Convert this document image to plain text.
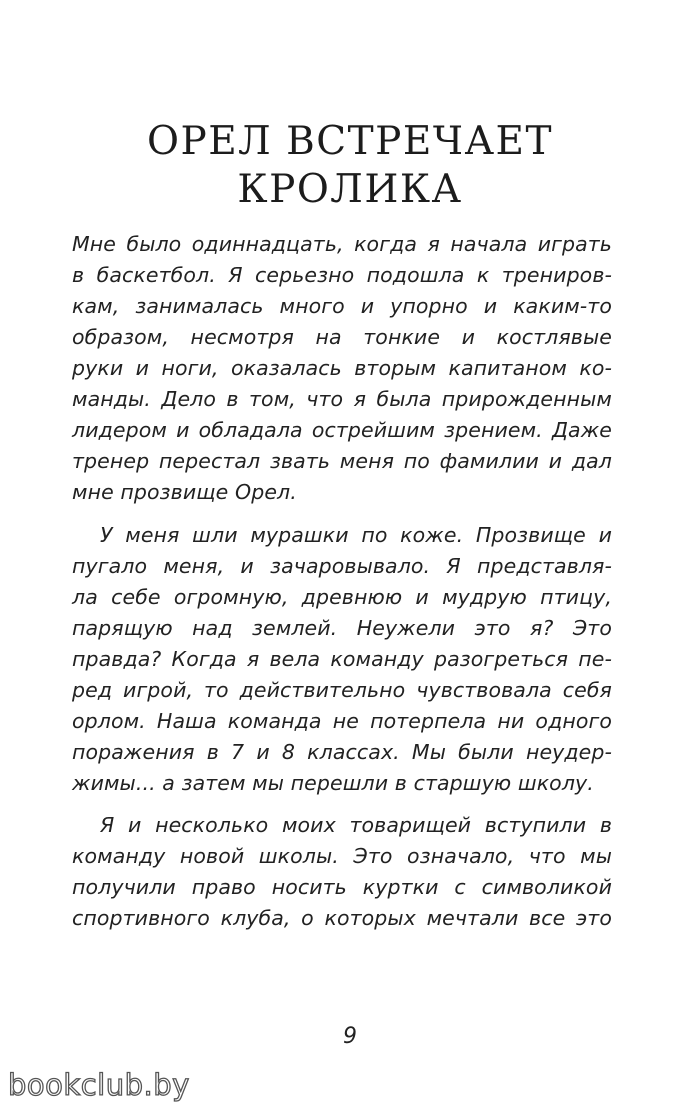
ОРЕЛ ВСТРЕЧАЕТ
КРОЛИКА
Мне было одиннадцать, когда я начала играть
в баскетбол. Я серьезно подошла к трениров-
кам, занималась много и упорно и каким-то
образом, несмотря на тонкие и костлявые
руки и ноги, оказалась вторым капитаном ко-
манды. Дело в том, что я была прирожденным
лидером и обладала острейшим зрением. Даже
тренер перестал звать меня по фамилии и дал
мне прозвище Орел.
У меня шли мурашки по коже. Прозвище и
пугало меня, и зачаровывало. Я представля-
ла себе огромную, древнюю и мудрую птицу,
парящую над землей. Неужели это я? Это
правда? Когда я вела команду разогреться пе-
ред игрой, то действительно чувствовала себя
орлом. Наша команда не потерпела ни одного
поражения в 7 и 8 классах. Мы были неудер-
жимы... а затем мы перешли в старшую школу.
Я и несколько моих товарищей вступили в
команду новой школы. Это означало, что мы
получили право носить куртки с символикой
спортивного клуба, о которых мечтали все это
9
bookclub.by
